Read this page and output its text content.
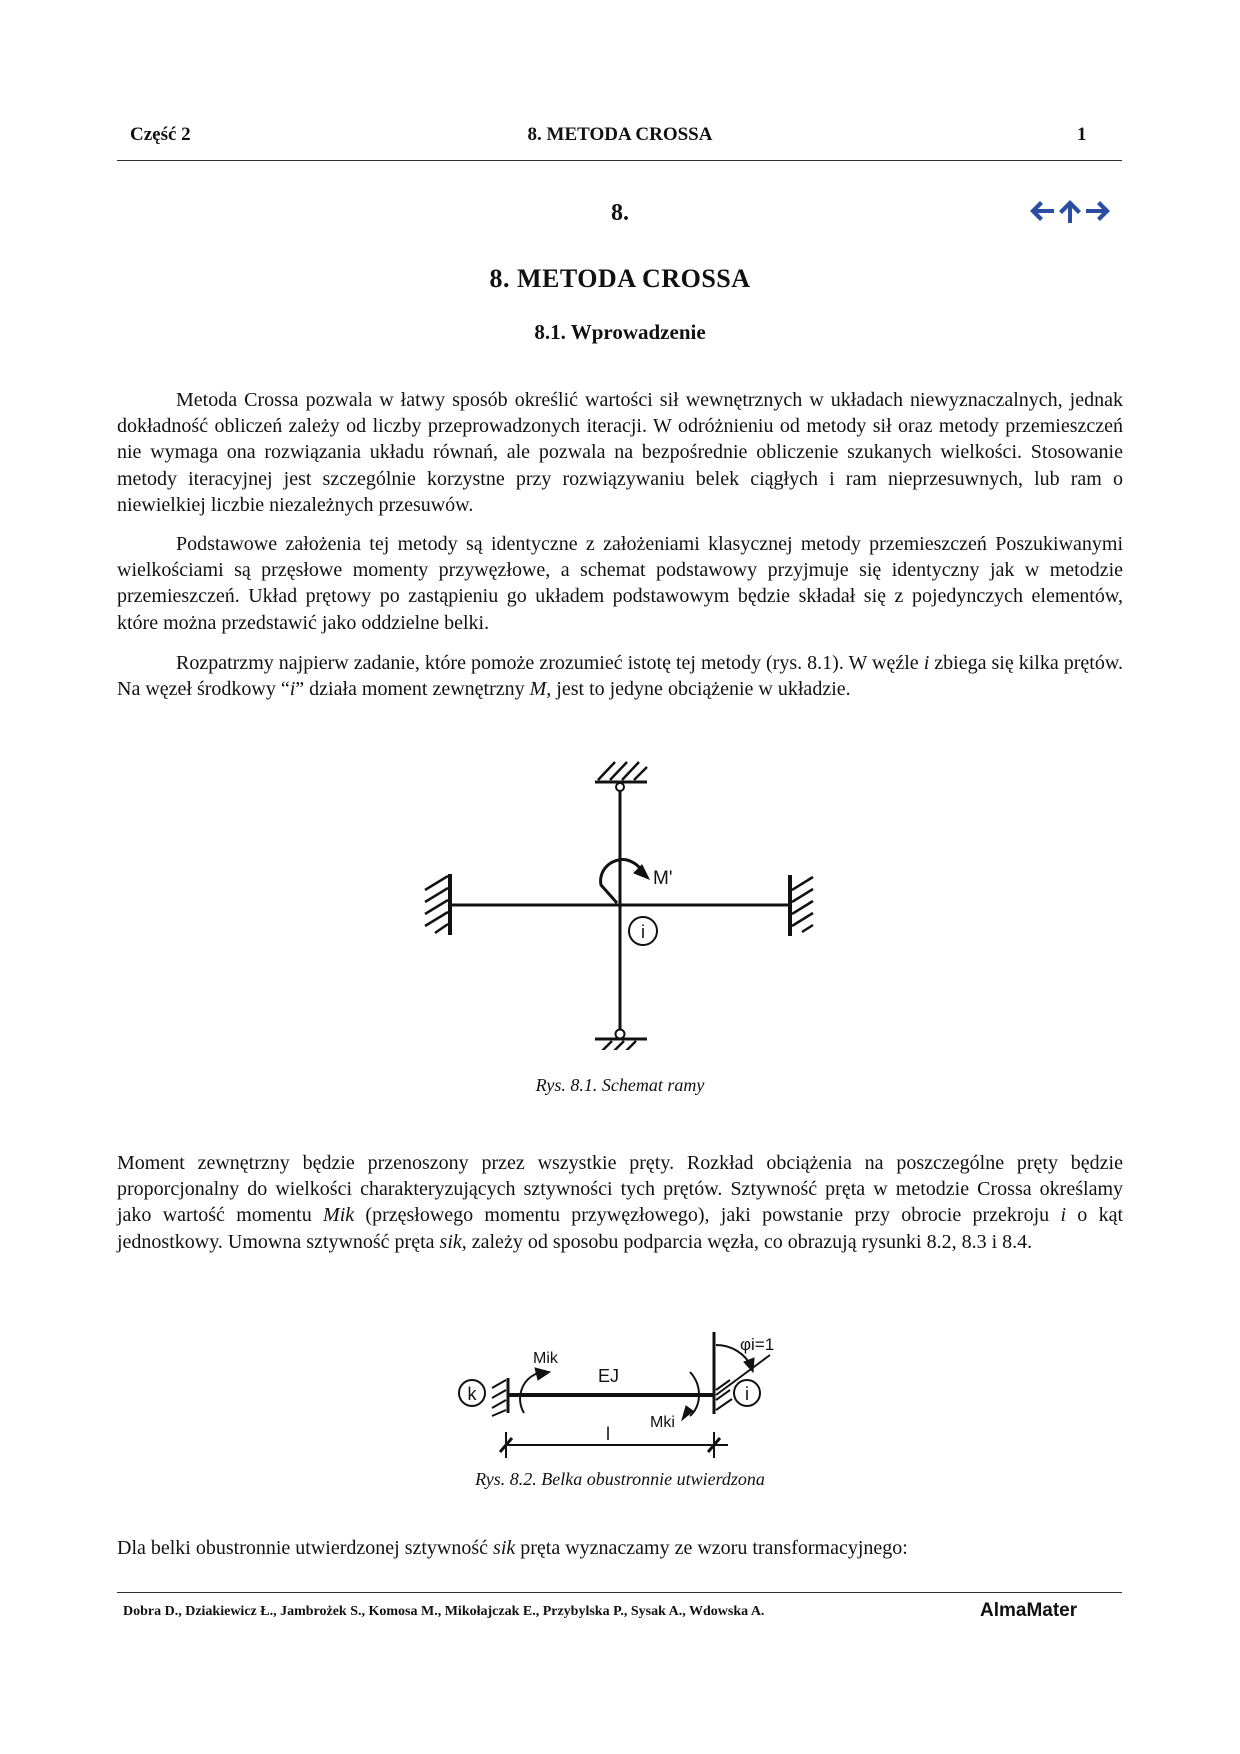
Część 2	8. METODA CROSSA	1
8.
8. METODA CROSSA
8.1. Wprowadzenie
Metoda Crossa pozwala w łatwy sposób określić wartości sił wewnętrznych w układach niewyznaczalnych, jednak dokładność obliczeń zależy od liczby przeprowadzonych iteracji. W odróżnieniu od metody sił oraz metody przemieszczeń nie wymaga ona rozwiązania układu równań, ale pozwala na bezpośrednie obliczenie szukanych wielkości. Stosowanie metody iteracyjnej jest szczególnie korzystne przy rozwiązywaniu belek ciągłych i ram nieprzesuwnych, lub ram o niewielkiej liczbie niezależnych przesuwów.
Podstawowe założenia tej metody są identyczne z założeniami klasycznej metody przemieszczeń Poszukiwanymi wielkościami są przęsłowe momenty przywęzłowe, a schemat podstawowy przyjmuje się identyczny jak w metodzie przemieszczeń. Układ prętowy po zastąpieniu go układem podstawowym będzie składał się z pojedynczych elementów, które można przedstawić jako oddzielne belki.
Rozpatrzmy najpierw zadanie, które pomoże zrozumieć istotę tej metody (rys. 8.1). W węźle i zbiega się kilka prętów. Na węzeł środkowy “i” działa moment zewnętrzny M, jest to jedyne obciążenie w układzie.
M'
i
Rys. 8.1. Schemat ramy
Moment zewnętrzny będzie przenoszony przez wszystkie pręty. Rozkład obciążenia na poszczególne pręty będzie proporcjonalny do wielkości charakteryzujących sztywności tych prętów. Sztywność pręta w metodzie Crossa określamy jako wartość momentu Mik (przęsłowego momentu przywęzłowego), jaki powstanie przy obrocie przekroju i o kąt jednostkowy. Umowna sztywność pręta sik, zależy od sposobu podparcia węzła, co obrazują rysunki 8.2, 8.3 i 8.4.
k	i
Mik
Mki
EJ
l
φi=1
Rys. 8.2. Belka obustronnie utwierdzona
Dla belki obustronnie utwierdzonej sztywność sik pręta wyznaczamy ze wzoru transformacyjnego:
Dobra D., Dziakiewicz Ł., Jambrożek S., Komosa M., Mikołajczak E., Przybylska P., Sysak A., Wdowska A.	AlmaMater
